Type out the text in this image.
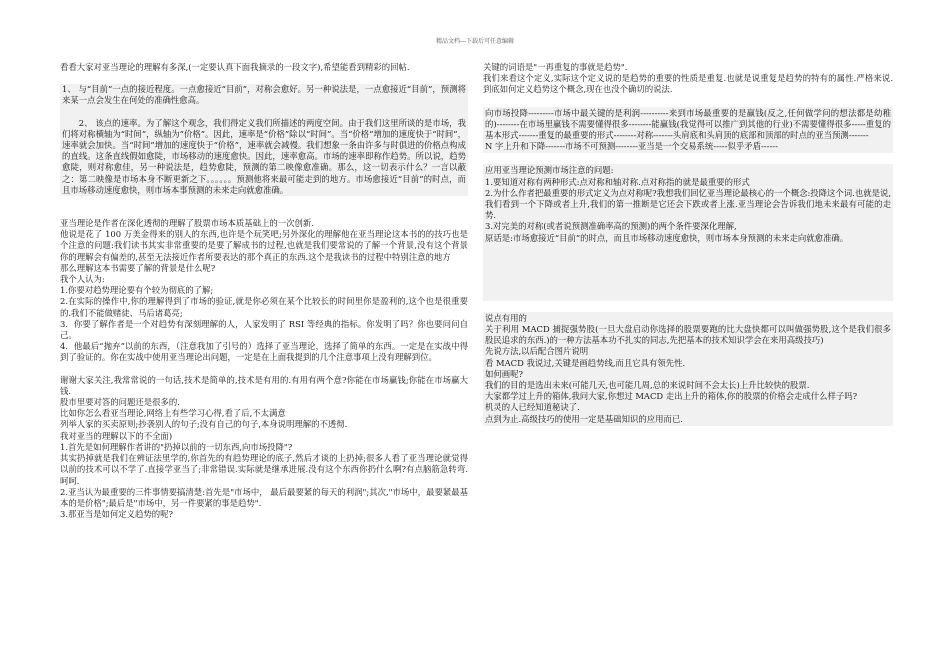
精品文档---下载后可任意编辑

看看大家对亚当理论的理解有多深,(一定要认真下面我摘录的一段文字),希望能看到精彩的回帖.

1、 与“目前”一点的接近程度。一点愈接近“目前”，对称会愈好。另一种说法是，一点愈接近“目前”，预测将来某一点会发生在何处的准确性愈高。

2、 该点的速率。为了解这个观念，我们得定义我们所描述的两度空间。由于我们这里所谈的是市场，我们将对称横轴为“时间”，纵轴为“价格”。因此，速率是“价格”除以“时间”。当“价格”增加的速度快于“时间”，速率就会加快。当“时间”增加的速度快于“价格”，速率就会减慢。我们想象一条由许多与时俱进的价格点构成的直线。这条直线假如愈陡，市场移动的速度愈快。因此，速率愈高。市场的速率即称作趋势。所以说，趋势愈陡，则对称愈佳，另一种说法是，趋势愈陡，预测的第二映像愈准确。那么，这一切表示什么？一言以蔽之：第二映像是市场本身不断更新之下。。。。。。预测他将来最可能走到的地方。市场愈接近“目前”的时点，而且市场移动速度愈快，则市场本事预测的未来走向就愈准确。

亚当理论是作者在深化透彻的理解了股票市场本质基础上的一次创新.

他说是花了 100 万美金得来的别人的东西,也许是个玩笑吧;另外深化的理解他在亚当理论这本书的的技巧也是个注意的问题:我们读书其实非常重要的是要了解成书的过程,也就是我们要常说的了解一个背景,没有这个背景你的理解会有偏差的,甚至无法接近作者所要表达的那个真正的东西.这个是我读书的过程中特别注意的地方

那么理解这本书需要了解的背景是什么呢?

我个人认为:

1.你要对趋势理论要有个较为彻底的了解;

2.在实际的操作中,你的理解得到了市场的验证,就是你必须在某个比较长的时间里你是盈利的,这个也是很重要的.我们不能做赌徒、马后诸葛亮;

3．你要了解作者是一个对趋势有深刻理解的人，人家发明了 RSI 等经典的指标。你发明了吗？你也要问问自己。

4．他最后“抛弃”以前的东西，（注意我加了引号的）选择了亚当理论，选择了简单的东西。一定是在实战中得到了验证的。你在实战中使用亚当理论出问题，一定是在上面我提到的几个注意事项上没有理解到位。

谢谢大家关注,我常常说的一句话,技术是简单的,技术是有用的.有用有两个意?你能在市场赢钱;你能在市场赢大钱.

股市里要对答的问题还是很多的.

比如你怎么看亚当理论,网络上有些学习心得,看了后,不太满意

列举人家的买卖原则;抄袭别人的句子;没有自己的句子,本身说明理解的不透彻.

我对亚当的理解以下的不全面)

1.首先是如何理解作者讲的"扔掉以前的一切东西,向市场投降"?

其实扔掉就是我们在辨证法里学的,你首先的有趋势理论的底子,然后才谈的上扔掉;很多人看了亚当理论就觉得以前的技术可以不学了.直接学亚当了;非常错误.实际就是继承进展.没有这个东西你扔什么啊?有点脑筋急转弯.呵呵.

2.亚当认为最重要的三件事情要搞清楚:首先是"市场中， 最后最要紧的每天的利润";其次,"市场中，最要紧最基本的是价格";最后是"市场中，另一件要紧的事是趋势".

3.那亚当是如何定义趋势的呢?

关键的词语是"一再重复的事就是趋势".

我们来看这个定义,实际这个定义说的是趋势的重要的性质是重复.也就是说重复是趋势的特有的属性.严格来说.到底如何定义趋势这个概念,现在也没个确切的说法.

向市场投降---------市场中最关键的是利润----------来到市场最重要的是赢钱(反之,任何做学问的想法都是幼稚的)--------在市场里赢钱不需要懂得很多--------能赢钱(我觉得可以推广到其他的行业)不需要懂得很多-----重复的基本形式-------重复的最重要的形式--------对称-------头肩底和头肩顶的底部和顶部的时点的亚当预测-------

N 字上升和下降-------市场不可预测--------亚当是一个交易系统-----似乎矛盾------

应用亚当理论预测市场注意的问题:

1.要知道对称有两种形式:点对称和轴对称.点对称指的就是最重要的形式

2.为什么作者把最重要的形式定义为点对称呢?我想我们回忆亚当理论最核心的一个概念:投降这个词.也就是说,我们看到一个下降或者上升,我们的第一推断是它还会下跌或者上涨.亚当理论会告诉我们地未来最有可能的走势.

3.对完美的对称(或者说预测准确率高的预测)的两个条件要深化理解,

原话是:市场愈接近“目前”的时点，而且市场移动速度愈快，则市场本身预测的未来走向就愈准确。

说点有用的

关于利用 MACD 捕捉强势股(一旦大盘启动你选择的股票要跑的比大盘快都可以叫做强势股,这个是我们很多股民追求的东西.)的一种方法基本功不扎实的同志,先把基本的技术知识学会在来用高级技巧)

先说方法,以后配合图片说明

看 MACD 我说过,关键是画趋势线,而且它具有领先性.

如何画呢?

我们的目的是选出未来(可能几天,也可能几周,总的来说时间不会太长)上升比较快的股票.

大家都学过上升的箱体,我问大家,你想过 MACD 走出上升的箱体,你的股票的价格会走成什么样子吗?

机灵的人已经知道秘诀了.

点到为止.高级技巧的使用一定是基础知识的应用而已.
